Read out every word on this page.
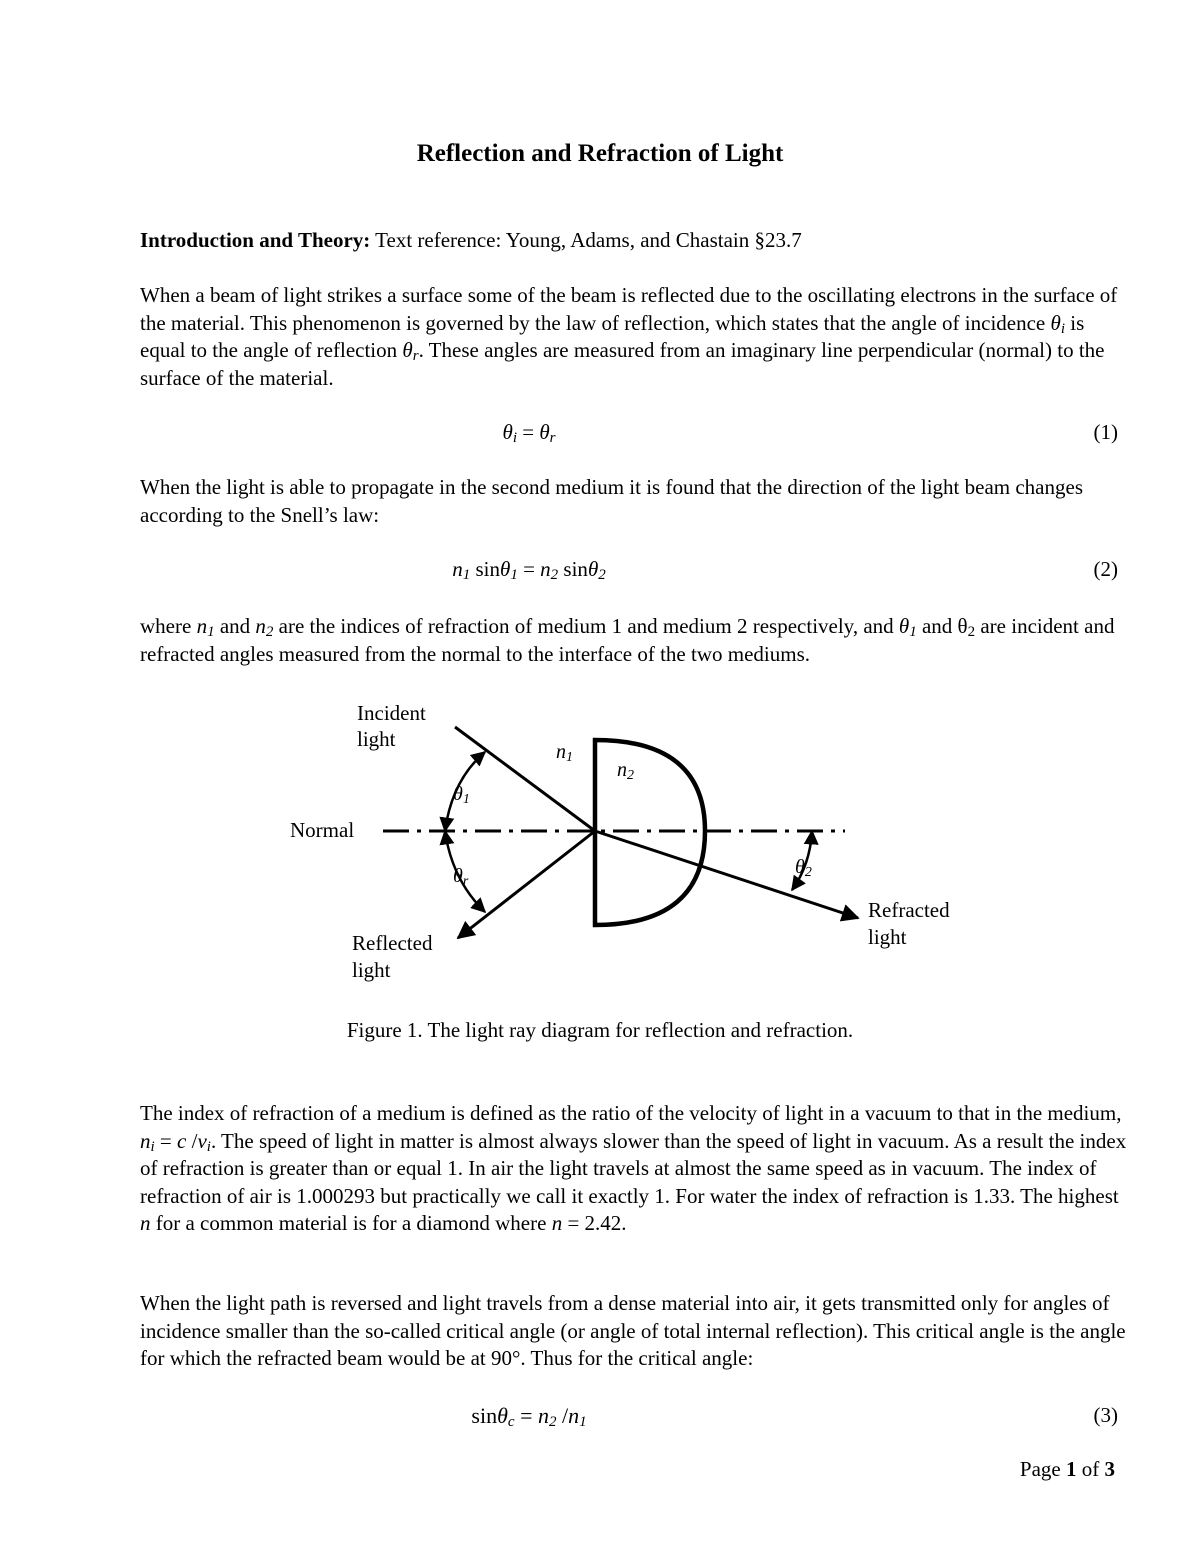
Reflection and Refraction of Light
Introduction and Theory: Text reference: Young, Adams, and Chastain §23.7
When a beam of light strikes a surface some of the beam is reflected due to the oscillating electrons in the surface of the material. This phenomenon is governed by the law of reflection, which states that the angle of incidence $\theta_i$ is equal to the angle of reflection $\theta_r$. These angles are measured from an imaginary line perpendicular (normal) to the surface of the material.
$\theta_i = \theta_r$	(1)
When the light is able to propagate in the second medium it is found that the direction of the light beam changes according to the Snell’s law:
$n_1$ $\sin\theta_1 = n_2$ sinθ$_2$	(2)
where $n_1$ and $n_2$ are the indices of refraction of medium 1 and medium 2 respectively, and $\theta_1$ and $\theta_2$ are incident and refracted angles measured from the normal to the interface of the two mediums.
Incident
light
Normal
Reflected
light
Refracted
light
n1
n2
θ1
θr
θ2
Figure 1. The light ray diagram for reflection and refraction.
The index of refraction of a medium is defined as the ratio of the velocity of light in a vacuum to that in the medium, $n_i = c$ $/v_i$. The speed of light in matter is almost always slower than the speed of light in vacuum. As a result the index of refraction is greater than or equal 1. In air the light travels at almost the same speed as in vacuum. The index of refraction of air is 1.000293 but practically we call it exactly 1. For water the index of refraction is 1.33. The highest n for a common material is for a diamond where n = 2.42.
When the light path is reversed and light travels from a dense material into air, it gets transmitted only for angles of incidence smaller than the so-called critical angle (or angle of total internal reflection). This critical angle is the angle for which the refracted beam would be at 90°. Thus for the critical angle:
$\sin\theta_c = n_2$ $/n_1$	(3)
Page 1 of 3
